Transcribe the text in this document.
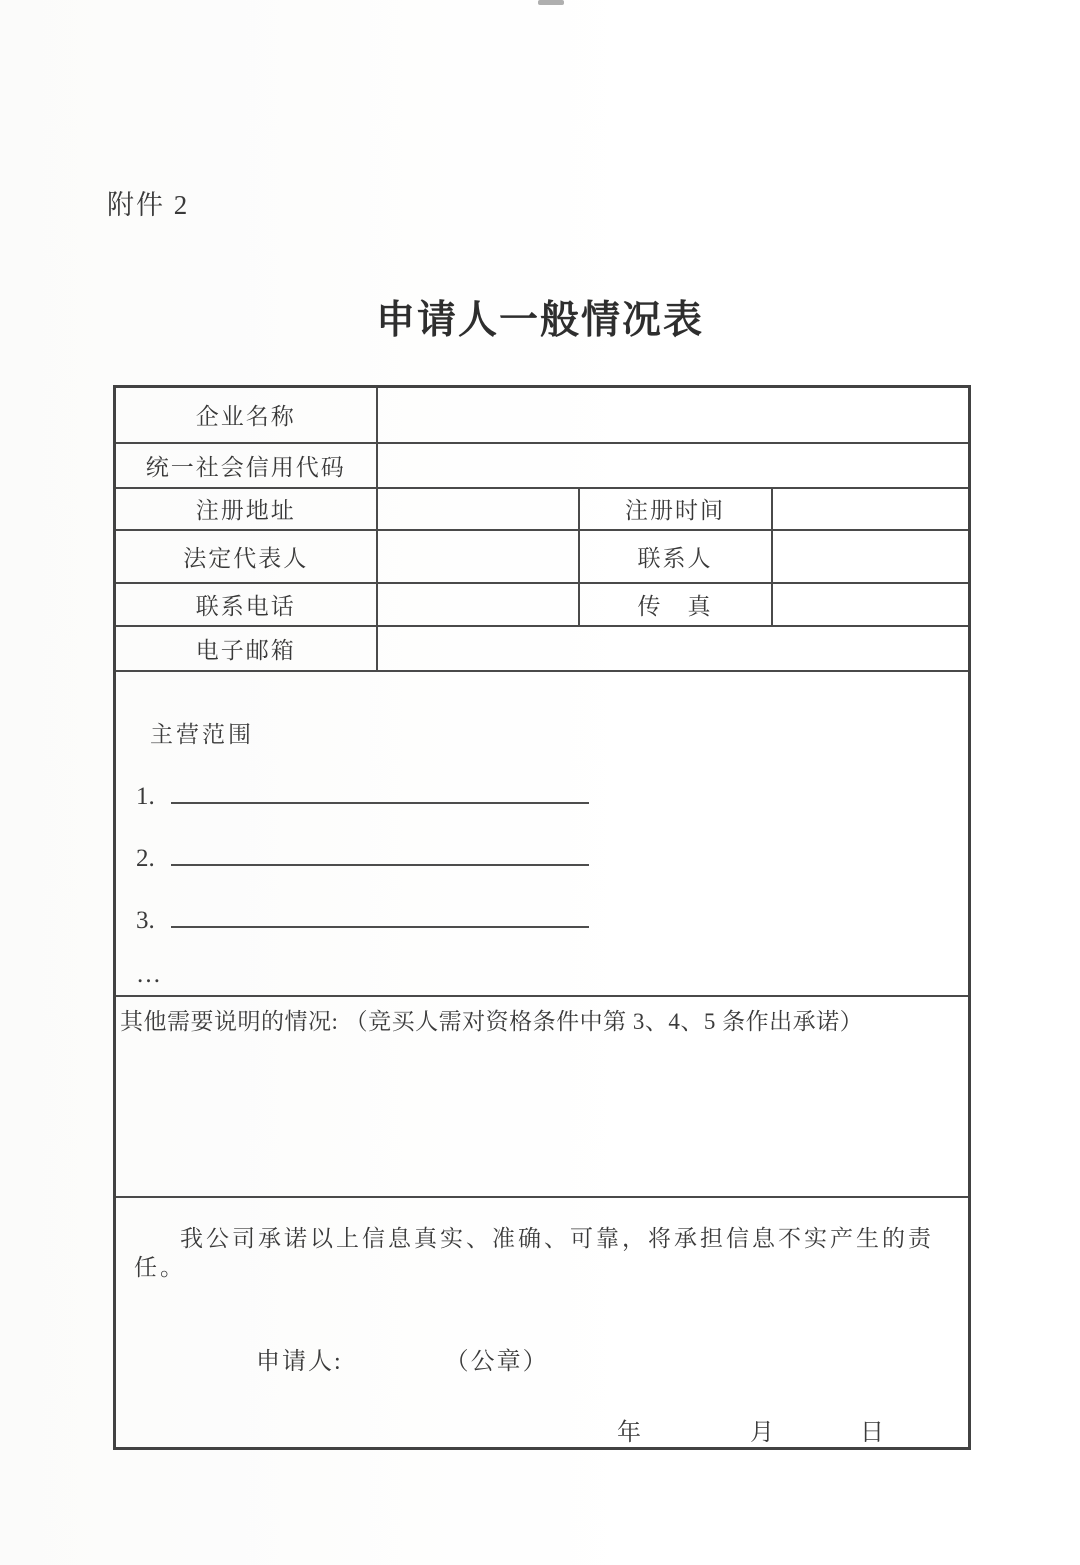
附件 2
申请人一般情况表
企业名称			
统一社会信用代码			
注册地址		注册时间	
法定代表人		联系人	
联系电话		传　真	
电子邮箱			

主营范围
1.
2.
3.
…			

其他需要说明的情况: （竞买人需对资格条件中第 3、4、5 条作出承诺）			

我公司承诺以上信息真实、准确、可靠，将承担信息不实产生的责任。
申请人: （公章）
年 月 日			
